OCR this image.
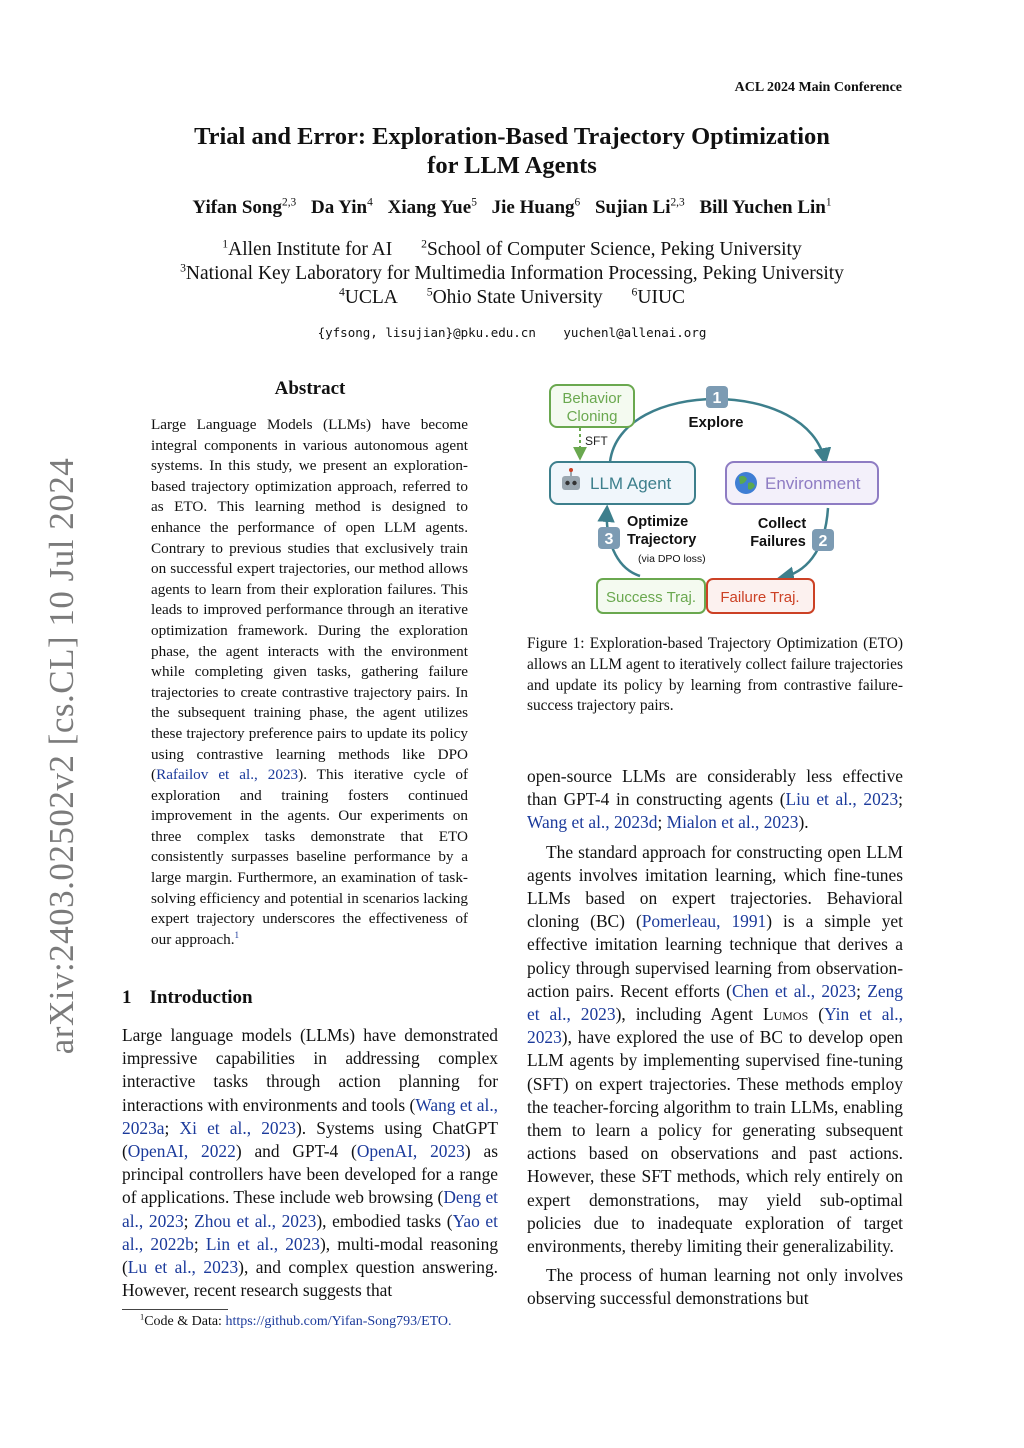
ACL 2024 Main Conference
Trial and Error: Exploration-Based Trajectory Optimization
for LLM Agents
Yifan Song$^{2,3}$ Da Yin$^4$ Xiang Yue$^5$ Jie Huang$^6$ Sujian Li$^{2,3}$ Bill Yuchen Lin$^1$
$^1$Allen Institute for AI $^2$School of Computer Science, Peking University
$^3$National Key Laboratory for Multimedia Information Processing, Peking University
$^4$UCLA $^5$Ohio State University $^6$UIUC
{yfsong, lisujian}@pku.edu.cn yuchenl@allenai.org
arXiv:2403.02502v2 [cs.CL] 10 Jul 2024
Abstract
Large Language Models (LLMs) have become integral components in various autonomous agent systems. In this study, we present an exploration-based trajectory optimization approach, referred to as ETO. This learning method is designed to enhance the performance of open LLM agents. Contrary to previous studies that exclusively train on successful expert trajectories, our method allows agents to learn from their exploration failures. This leads to improved performance through an iterative optimization framework. During the exploration phase, the agent interacts with the environment while completing given tasks, gathering failure trajectories to create contrastive trajectory pairs. In the subsequent training phase, the agent utilizes these trajectory preference pairs to update its policy using contrastive learning methods like DPO (Rafailov et al., 2023). This iterative cycle of exploration and training fosters continued improvement in the agents. Our experiments on three complex tasks demonstrate that ETO consistently surpasses baseline performance by a large margin. Furthermore, an examination of task-solving efficiency and potential in scenarios lacking expert trajectory underscores the effectiveness of our approach.$^1$
1 Introduction
Large language models (LLMs) have demonstrated impressive capabilities in addressing complex interactive tasks through action planning for interactions with environments and tools (Wang et al., 2023a; Xi et al., 2023). Systems using ChatGPT (OpenAI, 2022) and GPT-4 (OpenAI, 2023) as principal controllers have been developed for a range of applications. These include web browsing (Deng et al., 2023; Zhou et al., 2023), embodied tasks (Yao et al., 2022b; Lin et al., 2023), multi-modal reasoning (Lu et al., 2023), and complex question answering. However, recent research suggests that
$^1$Code & Data: https://github.com/Yifan-Song793/ETO.
Behavior
Cloning
SFT
LLM Agent	Environment
1
Explore
Collect
Failures 2
3
Optimize
Trajectory
(via DPO loss)
Success Traj. Failure Traj.
Figure 1: Exploration-based Trajectory Optimization (ETO) allows an LLM agent to iteratively collect failure trajectories and update its policy by learning from contrastive failure-success trajectory pairs.

open-source LLMs are considerably less effective than GPT-4 in constructing agents (Liu et al., 2023; Wang et al., 2023d; Mialon et al., 2023).

The standard approach for constructing open LLM agents involves imitation learning, which fine-tunes LLMs based on expert trajectories. Behavioral cloning (BC) (Pomerleau, 1991) is a simple yet effective imitation learning technique that derives a policy through supervised learning from observation-action pairs. Recent efforts (Chen et al., 2023; Zeng et al., 2023), including Agent Lumos (Yin et al., 2023), have explored the use of BC to develop open LLM agents by implementing supervised fine-tuning (SFT) on expert trajectories. These methods employ the teacher-forcing algorithm to train LLMs, enabling them to learn a policy for generating subsequent actions based on observations and past actions. However, these SFT methods, which rely entirely on expert demonstrations, may yield sub-optimal policies due to inadequate exploration of target environments, thereby limiting their generalizability.

The process of human learning not only involves observing successful demonstrations but
